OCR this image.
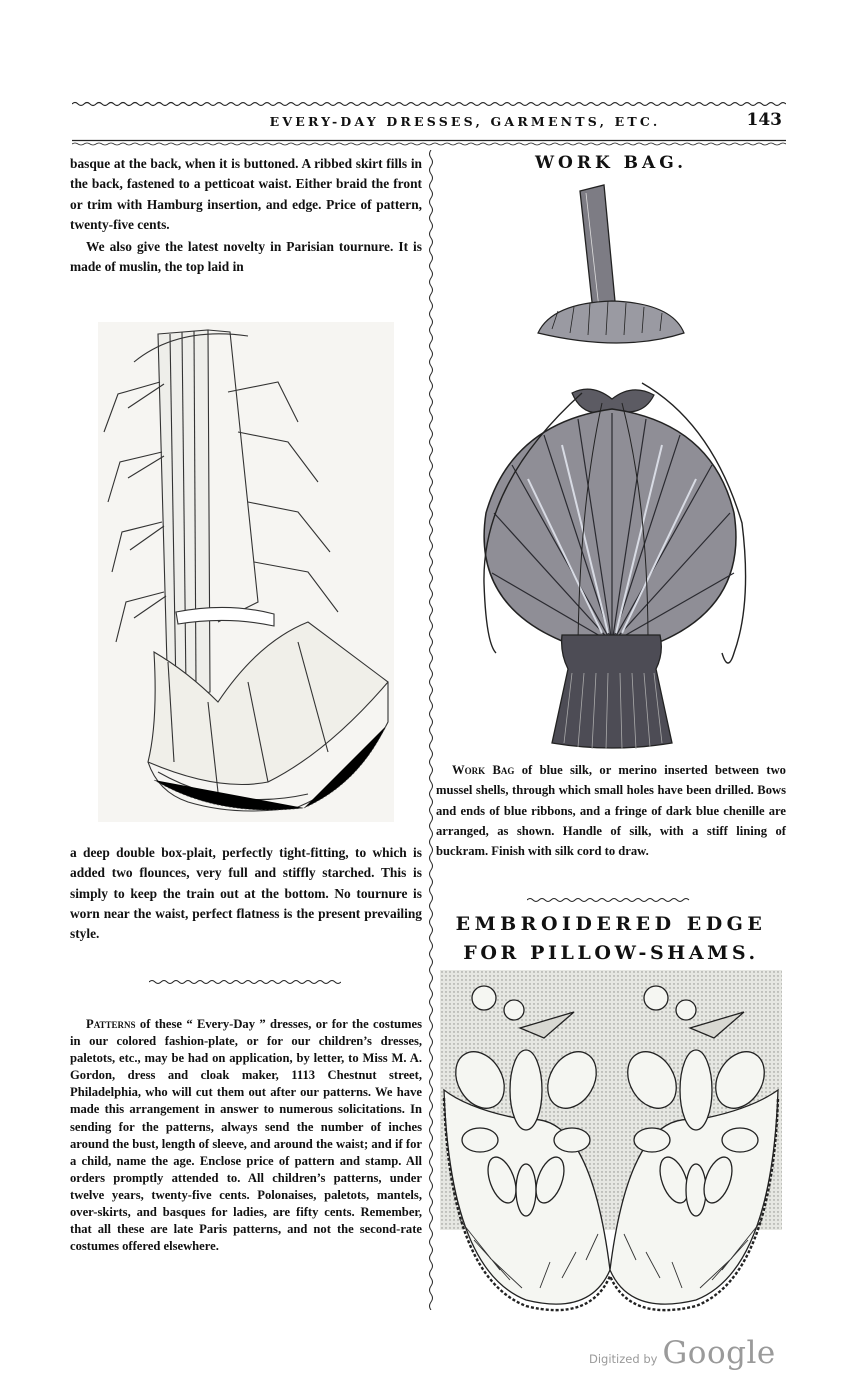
EVERY-DAY DRESSES, GARMENTS, ETC.	143

basque at the back, when it is buttoned. A ribbed skirt fills in the back, fastened to a petticoat waist. Either braid the front or trim with Hamburg insertion, and edge. Price of pattern, twenty-five cents.

We also give the latest novelty in Parisian tournure. It is made of muslin, the top laid in

a deep double box-plait, perfectly tight-fitting, to which is added two flounces, very full and stiffly starched. This is simply to keep the train out at the bottom. No tournure is worn near the waist, perfect flatness is the present prevailing style.

Patterns of these “ Every-Day ” dresses, or for the costumes in our colored fashion-plate, or for our children’s dresses, paletots, etc., may be had on application, by letter, to Miss M. A. Gordon, dress and cloak maker, 1113 Chestnut street, Philadelphia, who will cut them out after our patterns. We have made this arrangement in answer to numerous solicitations. In sending for the patterns, always send the number of inches around the bust, length of sleeve, and around the waist; and if for a child, name the age. Enclose price of pattern and stamp. All orders promptly attended to. All children’s patterns, under twelve years, twenty-five cents. Polonaises, paletots, mantels, over-skirts, and basques for ladies, are fifty cents. Remember, that all these are late Paris patterns, and not the second-rate costumes offered elsewhere.

WORK BAG.

Work Bag of blue silk, or merino inserted between two mussel shells, through which small holes have been drilled. Bows and ends of blue ribbons, and a fringe of dark blue chenille are arranged, as shown. Handle of silk, with a stiff lining of buckram. Finish with silk cord to draw.

EMBROIDERED EDGE
FOR PILLOW-SHAMS.
Digitized by Google
